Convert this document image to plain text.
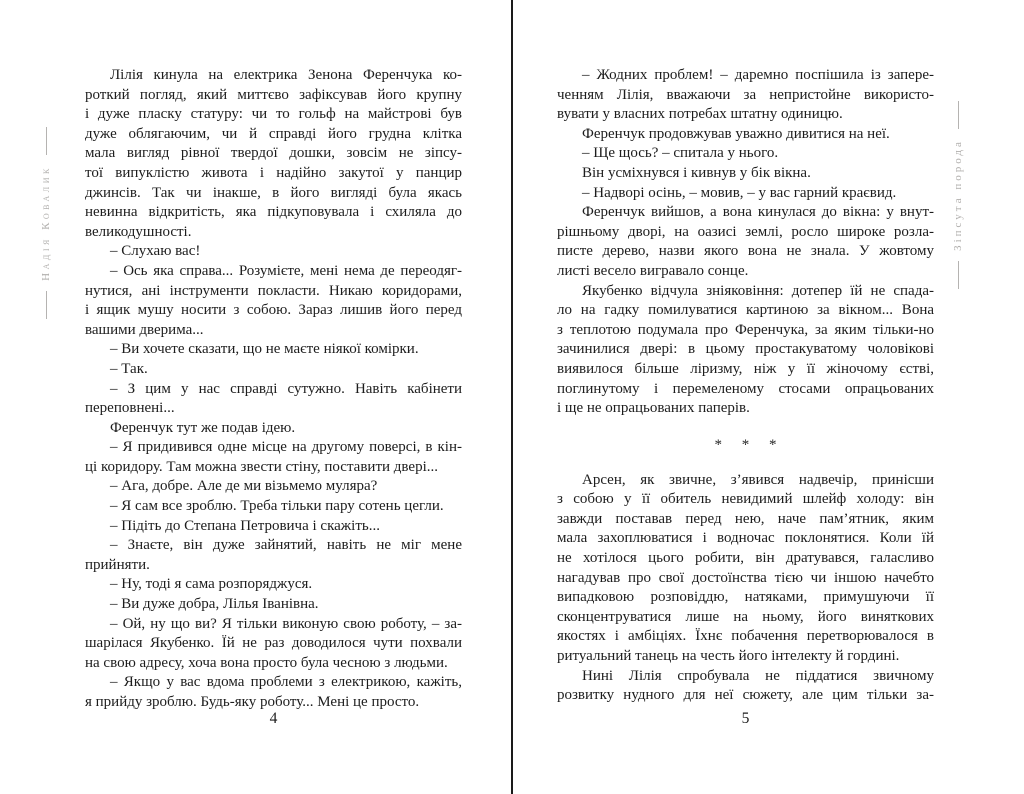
Надія Ковалик
Лілія кинула на електрика Зенона Ференчука ко-
роткий погляд, який миттєво зафіксував його крупну
і дуже пласку статуру: чи то гольф на майстрові був
дуже облягаючим, чи й справді його грудна клітка
мала вигляд рівної твердої дошки, зовсім не зіпсу-
тої випуклістю живота і надійно закутої у панцир
джинсів. Так чи інакше, в його вигляді була якась
невинна відкритість, яка підкуповувала і схиляла до
великодушності.
– Слухаю вас!
– Ось яка справа... Розумієте, мені нема де переодяг-
нутися, ані інструменти покласти. Никаю коридорами,
і ящик мушу носити з собою. Зараз лишив його перед
вашими дверима...
– Ви хочете сказати, що не маєте ніякої комірки.
– Так.
– З цим у нас справді сутужно. Навіть кабінети
переповнені...
Ференчук тут же подав ідею.
– Я придивився одне місце на другому поверсі, в кін-
ці коридору. Там можна звести стіну, поставити двері...
– Ага, добре. Але де ми візьмемо муляра?
– Я сам все зроблю. Треба тільки пару сотень цегли.
– Підіть до Степана Петровича і скажіть...
– Знаєте, він дуже зайнятий, навіть не міг мене
прийняти.
– Ну, тоді я сама розпоряджуся.
– Ви дуже добра, Лілья Іванівна.
– Ой, ну що ви? Я тільки виконую свою роботу, – за-
шарілася Якубенко. Їй не раз доводилося чути похвали
на свою адресу, хоча вона просто була чесною з людьми.
– Якщо у вас вдома проблеми з електрикою, кажіть,
я прийду зроблю. Будь-яку роботу... Мені це просто.
– Жодних проблем! – даремно поспішила із запере-
ченням Лілія, вважаючи за непристойне використо-
вувати у власних потребах штатну одиницю.
Ференчук продовжував уважно дивитися на неї.
– Ще щось? – спитала у нього.
Він усміхнувся і кивнув у бік вікна.
– Надворі осінь, – мовив, – у вас гарний краєвид.
Ференчук вийшов, а вона кинулася до вікна: у внут-
рішньому дворі, на оазисі землі, росло широке розла-
писте дерево, назви якого вона не знала. У жовтому
листі весело вигравало сонце.
Якубенко відчула зніяковіння: дотепер їй не спада-
ло на гадку помилуватися картиною за вікном... Вона
з теплотою подумала про Ференчука, за яким тільки-но
зачинилися двері: в цьому простакуватому чоловікові
виявилося більше ліризму, ніж у її жіночому єстві,
поглинутому і перемеленому стосами опрацьованих
і ще не опрацьованих паперів.
* * *
Арсен, як звичне, з’явився надвечір, принісши
з собою у її обитель невидимий шлейф холоду: він
завжди поставав перед нею, наче пам’ятник, яким
мала захоплюватися і водночас поклонятися. Коли їй
не хотілося цього робити, він дратувався, галасливо
нагадував про свої достоїнства тією чи іншою начебто
випадковою розповіддю, натяками, примушуючи її
сконцентруватися лише на ньому, його виняткових
якостях і амбіціях. Їхнє побачення перетворювалося в
ритуальний танець на честь його інтелекту й гордині.
Нині Лілія спробувала не піддатися звичному
розвитку нудного для неї сюжету, але цим тільки за-
Зіпсута порода
4	5
